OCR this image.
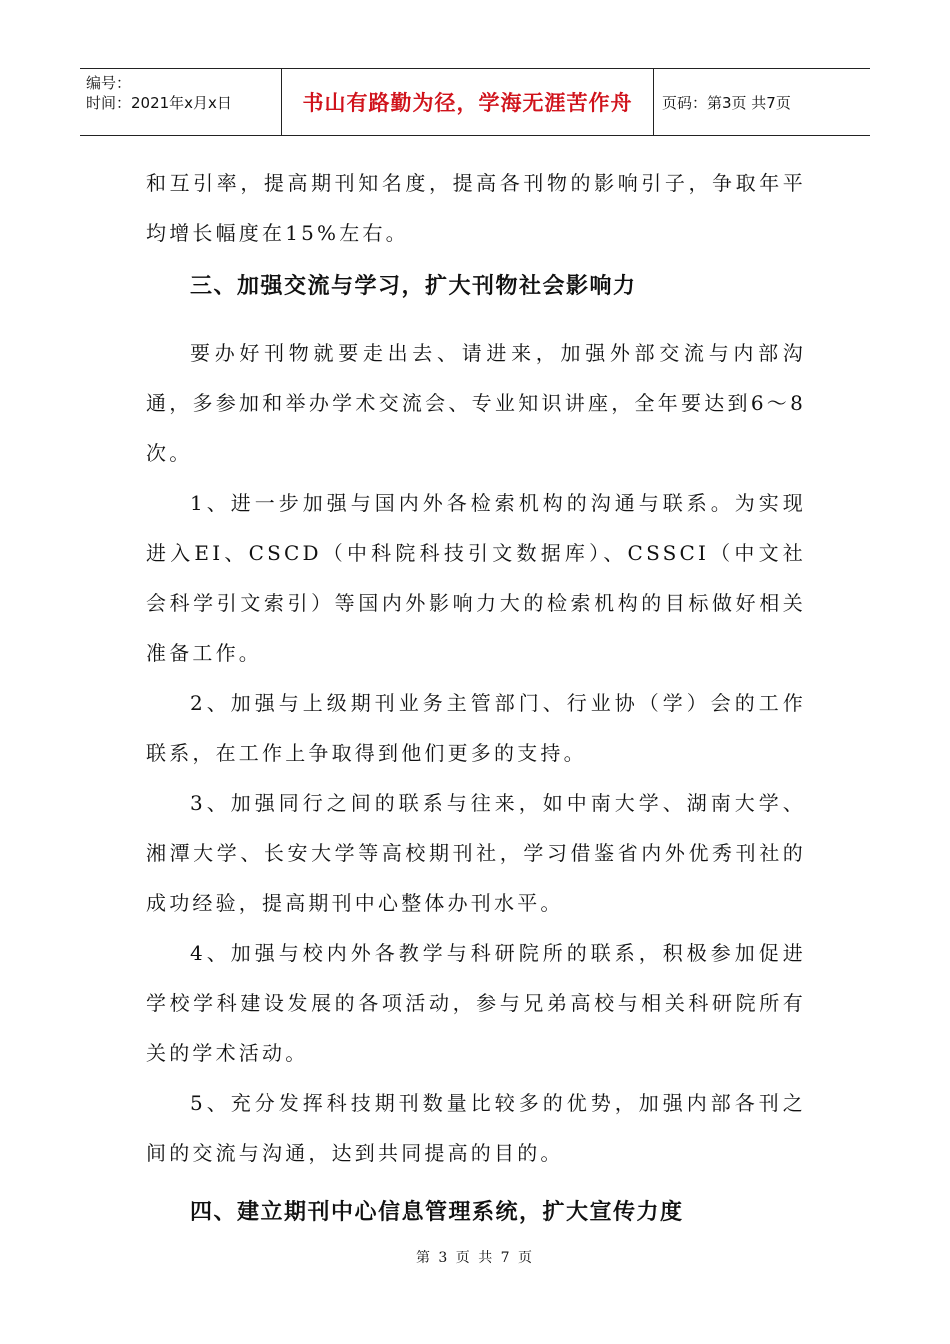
编号：
时间：2021年x月x日	书山有路勤为径，学海无涯苦作舟	页码：第3页 共7页

和互引率，提高期刊知名度，提高各刊物的影响引子，争取年平均增长幅度在15%左右。

三、加强交流与学习，扩大刊物社会影响力

要办好刊物就要走出去、请进来，加强外部交流与内部沟通，多参加和举办学术交流会、专业知识讲座，全年要达到6～8次。

1、进一步加强与国内外各检索机构的沟通与联系。为实现进入EI、CSCD（中科院科技引文数据库）、CSSCI（中文社会科学引文索引）等国内外影响力大的检索机构的目标做好相关准备工作。

2、加强与上级期刊业务主管部门、行业协（学）会的工作联系，在工作上争取得到他们更多的支持。

3、加强同行之间的联系与往来，如中南大学、湖南大学、湘潭大学、长安大学等高校期刊社，学习借鉴省内外优秀刊社的成功经验，提高期刊中心整体办刊水平。

4、加强与校内外各教学与科研院所的联系，积极参加促进学校学科建设发展的各项活动，参与兄弟高校与相关科研院所有关的学术活动。

5、充分发挥科技期刊数量比较多的优势，加强内部各刊之间的交流与沟通，达到共同提高的目的。

四、建立期刊中心信息管理系统，扩大宣传力度
第 3 页 共 7 页
